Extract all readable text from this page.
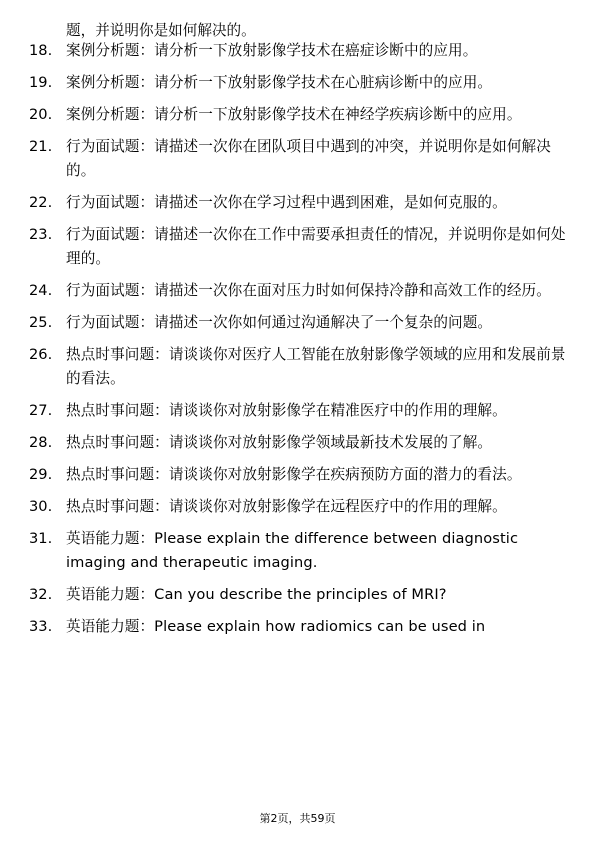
题，并说明你是如何解决的。
18. 案例分析题：请分析一下放射影像学技术在癌症诊断中的应用。
19. 案例分析题：请分析一下放射影像学技术在心脏病诊断中的应用。
20. 案例分析题：请分析一下放射影像学技术在神经学疾病诊断中的应用。
21. 行为面试题：请描述一次你在团队项目中遇到的冲突，并说明你是如何解决的。
22. 行为面试题：请描述一次你在学习过程中遇到困难，是如何克服的。
23. 行为面试题：请描述一次你在工作中需要承担责任的情况，并说明你是如何处理的。
24. 行为面试题：请描述一次你在面对压力时如何保持冷静和高效工作的经历。
25. 行为面试题：请描述一次你如何通过沟通解决了一个复杂的问题。
26. 热点时事问题：请谈谈你对医疗人工智能在放射影像学领域的应用和发展前景的看法。
27. 热点时事问题：请谈谈你对放射影像学在精准医疗中的作用的理解。
28. 热点时事问题：请谈谈你对放射影像学领域最新技术发展的了解。
29. 热点时事问题：请谈谈你对放射影像学在疾病预防方面的潜力的看法。
30. 热点时事问题：请谈谈你对放射影像学在远程医疗中的作用的理解。
31. 英语能力题：Please explain the difference between diagnostic imaging and therapeutic imaging.
32. 英语能力题：Can you describe the principles of MRI?
33. 英语能力题：Please explain how radiomics can be used in
第2页，共59页
